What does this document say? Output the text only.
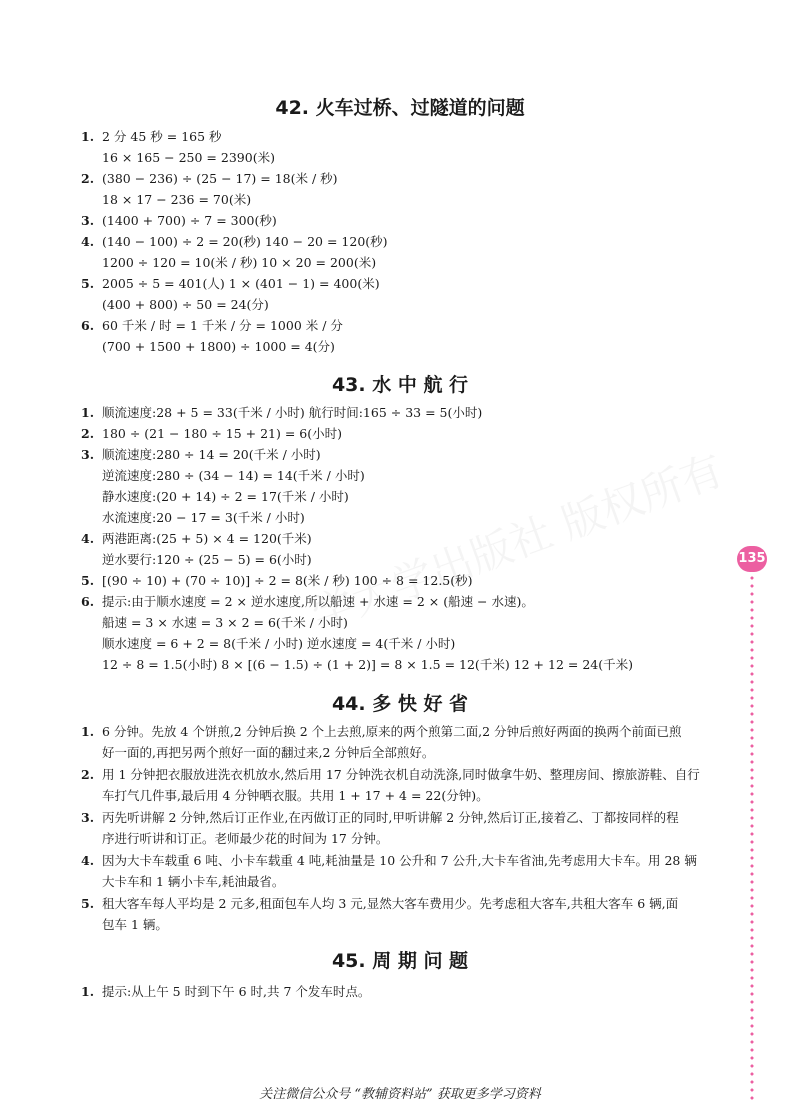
42. 火车过桥、过隧道的问题

1. 2 分 45 秒 = 165 秒

16 × 165 − 250 = 2390(米)

2. (380 − 236) ÷ (25 − 17) = 18(米 / 秒)

18 × 17 − 236 = 70(米)

3. (1400 + 700) ÷ 7 = 300(秒)

4. (140 − 100) ÷ 2 = 20(秒) 140 − 20 = 120(秒)

1200 ÷ 120 = 10(米 / 秒) 10 × 20 = 200(米)

5. 2005 ÷ 5 = 401(人) 1 × (401 − 1) = 400(米)

(400 + 800) ÷ 50 = 24(分)

6. 60 千米 / 时 = 1 千米 / 分 = 1000 米 / 分

(700 + 1500 + 1800) ÷ 1000 = 4(分)

43. 水 中 航 行

1. 顺流速度:28 + 5 = 33(千米 / 小时) 航行时间:165 ÷ 33 = 5(小时)

2. 180 ÷ (21 − 180 ÷ 15 + 21) = 6(小时)

3. 顺流速度:280 ÷ 14 = 20(千米 / 小时)

逆流速度:280 ÷ (34 − 14) = 14(千米 / 小时)

静水速度:(20 + 14) ÷ 2 = 17(千米 / 小时)

水流速度:20 − 17 = 3(千米 / 小时)

4. 两港距离:(25 + 5) × 4 = 120(千米)

逆水要行:120 ÷ (25 − 5) = 6(小时)

5. [(90 ÷ 10) + (70 ÷ 10)] ÷ 2 = 8(米 / 秒) 100 ÷ 8 = 12.5(秒)

6. 提示:由于顺水速度 = 2 × 逆水速度,所以船速 + 水速 = 2 × (船速 − 水速)。

船速 = 3 × 水速 = 3 × 2 = 6(千米 / 小时)

顺水速度 = 6 + 2 = 8(千米 / 小时) 逆水速度 = 4(千米 / 小时)

12 ÷ 8 = 1.5(小时) 8 × [(6 − 1.5) ÷ (1 + 2)] = 8 × 1.5 = 12(千米) 12 + 12 = 24(千米)

44. 多 快 好 省

1. 6 分钟。先放 4 个饼煎,2 分钟后换 2 个上去煎,原来的两个煎第二面,2 分钟后煎好两面的换两个前面已煎

好一面的,再把另两个煎好一面的翻过来,2 分钟后全部煎好。

2. 用 1 分钟把衣服放进洗衣机放水,然后用 17 分钟洗衣机自动洗涤,同时做拿牛奶、整理房间、擦旅游鞋、自行

车打气几件事,最后用 4 分钟晒衣服。共用 1 + 17 + 4 = 22(分钟)。

3. 丙先听讲解 2 分钟,然后订正作业,在丙做订正的同时,甲听讲解 2 分钟,然后订正,接着乙、丁都按同样的程

序进行听讲和订正。老师最少花的时间为 17 分钟。

4. 因为大卡车载重 6 吨、小卡车载重 4 吨,耗油量是 10 公升和 7 公升,大卡车省油,先考虑用大卡车。用 28 辆

大卡车和 1 辆小卡车,耗油最省。

5. 租大客车每人平均是 2 元多,租面包车人均 3 元,显然大客车费用少。先考虑租大客车,共租大客车 6 辆,面

包车 1 辆。

45. 周 期 问 题

1. 提示:从上午 5 时到下午 6 时,共 7 个发车时点。

135
关注微信公众号 “教辅资料站” 获取更多学习资料
